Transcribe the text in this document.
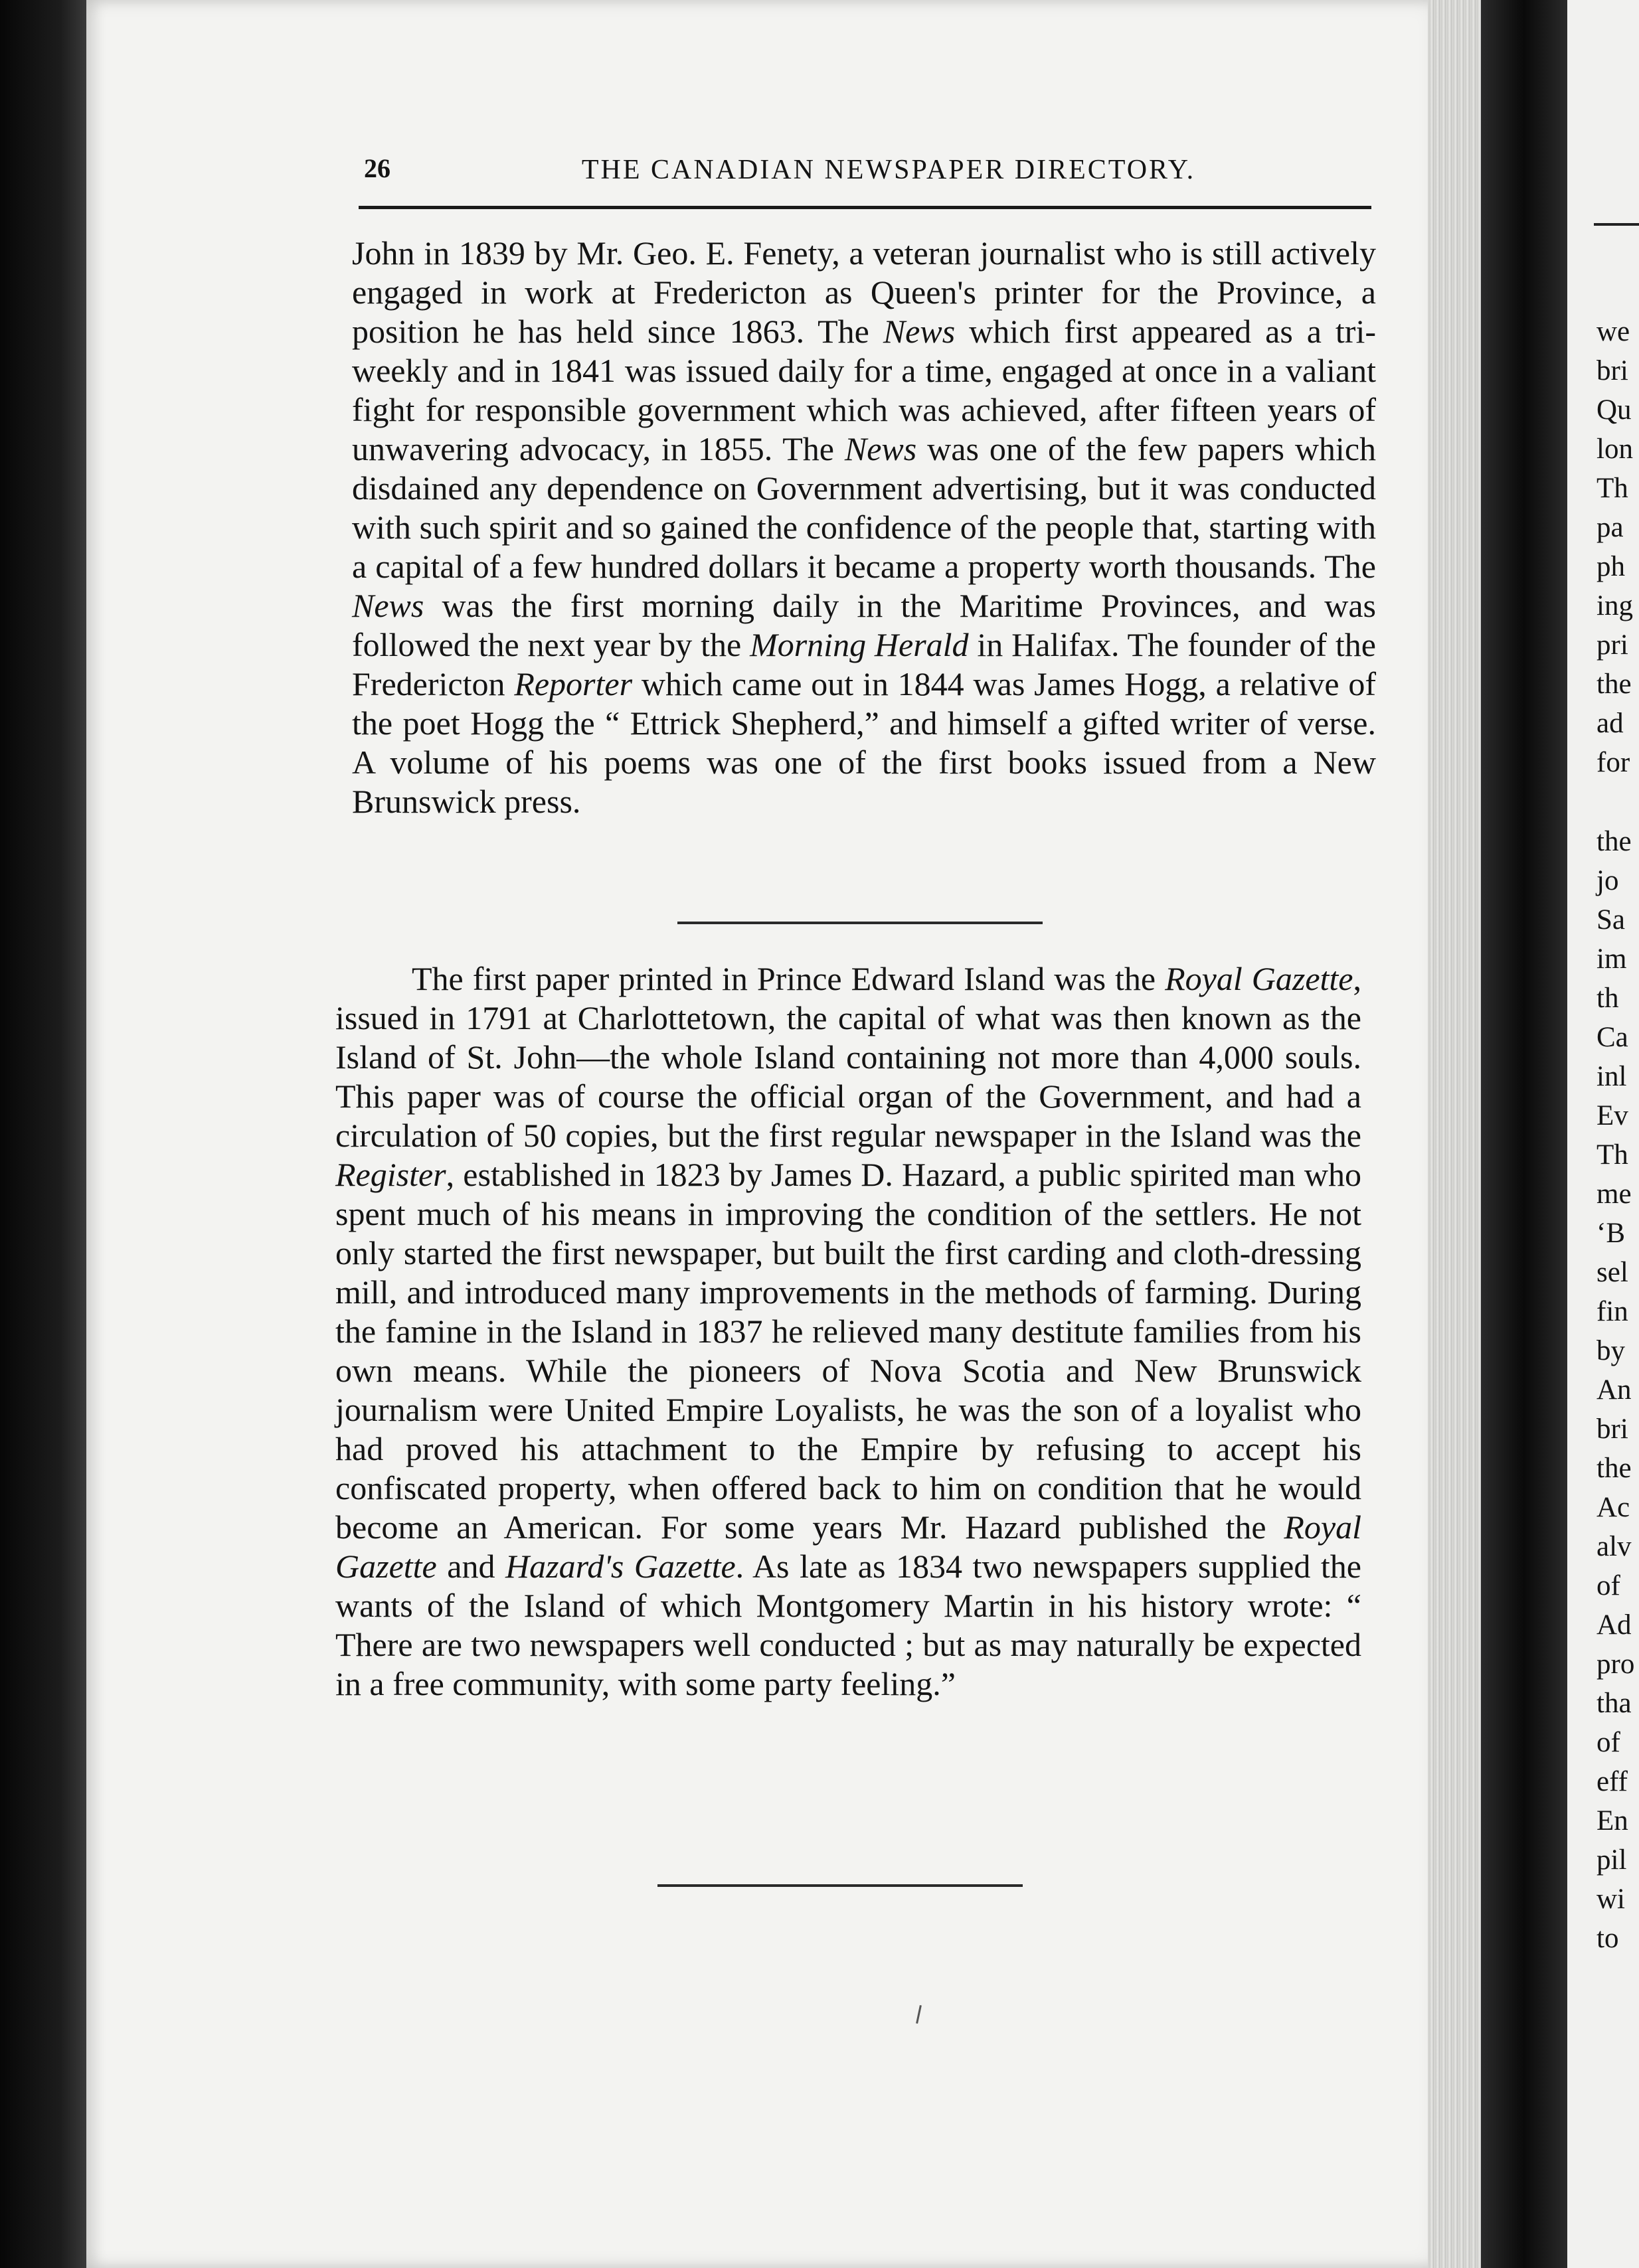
we
bri
Qu
lon
Th
pa
ph
ing
pri
the
ad
for
the
jo
Sa
im
th
Ca
inl
Ev
Th
me
‘B
sel
fin
by
An
bri
the
Ac
alv
of
Ad
pro
tha
of
eff
En
pil
wi
to
26	THE CANADIAN NEWSPAPER DIRECTORY.

John in 1839 by Mr. Geo. E. Fenety, a veteran journalist who is still actively engaged in work at Fredericton as Queen's printer for the Province, a position he has held since 1863. The News which first appeared as a tri-weekly and in 1841 was issued daily for a time, engaged at once in a valiant fight for responsible government which was achieved, after fifteen years of unwavering advocacy, in 1855. The News was one of the few papers which disdained any dependence on Government advertising, but it was conducted with such spirit and so gained the confidence of the people that, starting with a capital of a few hundred dollars it became a property worth thousands. The News was the first morning daily in the Maritime Provinces, and was followed the next year by the Morning Herald in Halifax. The founder of the Fredericton Reporter which came out in 1844 was James Hogg, a relative of the poet Hogg the “ Ettrick Shepherd,” and himself a gifted writer of verse. A volume of his poems was one of the first books issued from a New Brunswick press.

The first paper printed in Prince Edward Island was the Royal Gazette, issued in 1791 at Charlottetown, the capital of what was then known as the Island of St. John—the whole Island containing not more than 4,000 souls. This paper was of course the official organ of the Government, and had a circulation of 50 copies, but the first regular newspaper in the Island was the Register, established in 1823 by James D. Hazard, a public spirited man who spent much of his means in improving the condition of the settlers. He not only started the first newspaper, but built the first carding and cloth-dressing mill, and introduced many improvements in the methods of farming. During the famine in the Island in 1837 he relieved many destitute families from his own means. While the pioneers of Nova Scotia and New Brunswick journalism were United Empire Loyalists, he was the son of a loyalist who had proved his attachment to the Empire by refusing to accept his confiscated property, when offered back to him on condition that he would become an American. For some years Mr. Hazard published the Royal Gazette and Hazard's Gazette. As late as 1834 two newspapers supplied the wants of the Island of which Montgomery Martin in his history wrote: “ There are two newspapers well conducted ; but as may naturally be expected in a free community, with some party feeling.”
